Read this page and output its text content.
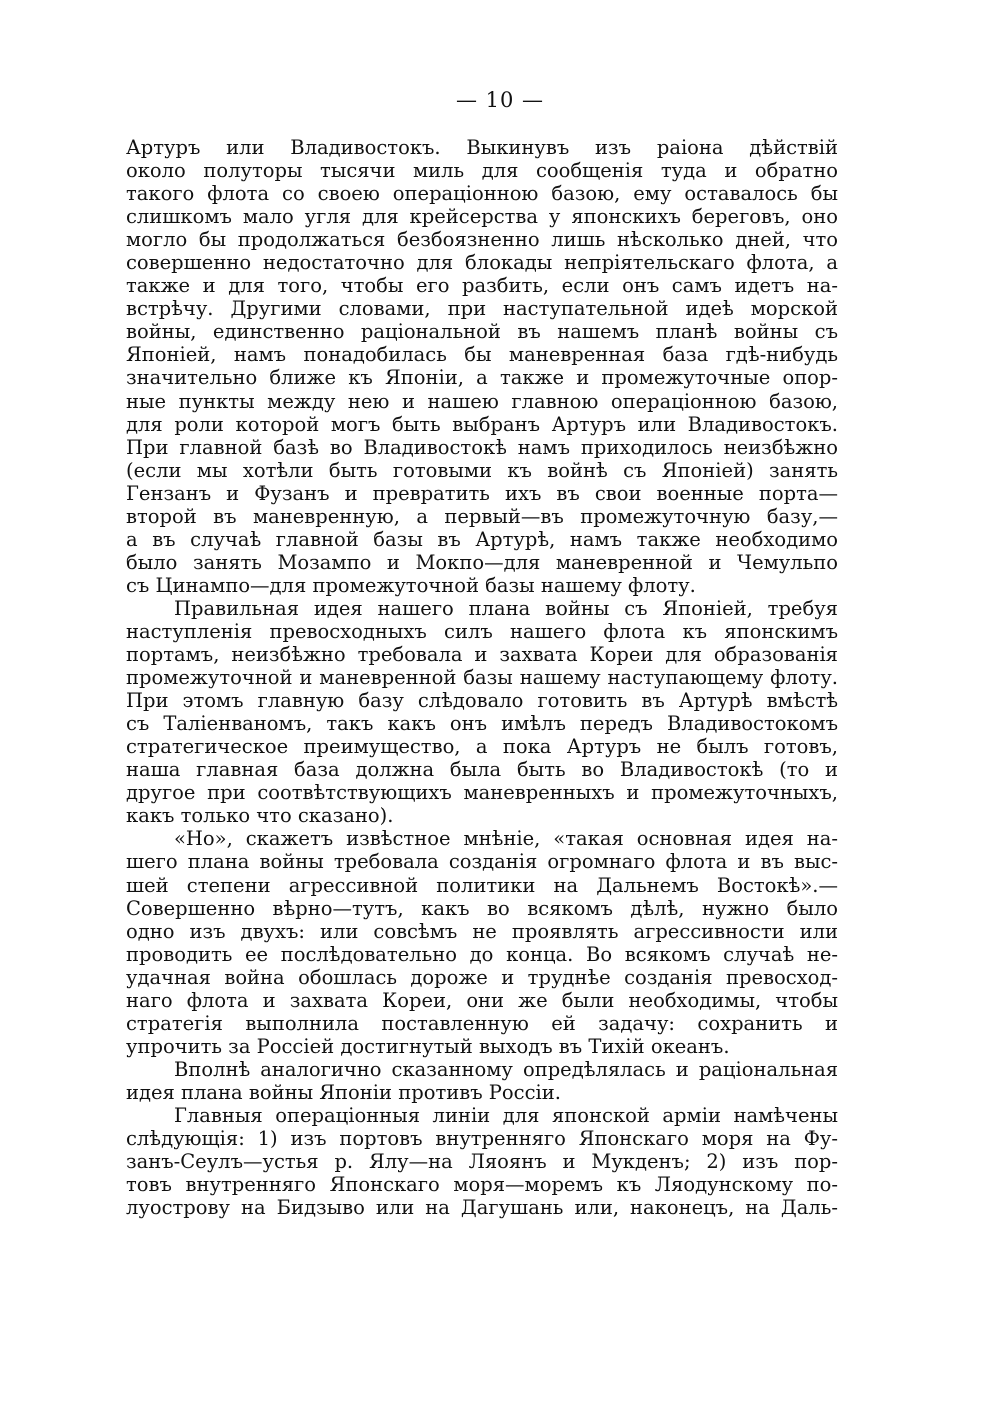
— 10 —
Артуръ или Владивостокъ. Выкинувъ изъ раiона дѣйствiй
около полуторы тысячи миль для сообщенiя туда и обратно
такого флота со своею операцiонною базою, ему оставалось бы
слишкомъ мало угля для крейсерства у японскихъ береговъ, оно
могло бы продолжаться безбоязненно лишь нѣсколько дней, что
совершенно недостаточно для блокады непрiятельскаго флота, а
также и для того, чтобы его разбить, если онъ самъ идетъ на-
встрѣчу. Другими словами, при наступательной идеѣ морской
войны, единственно рацiональной въ нашемъ планѣ войны съ
Японiей, намъ понадобилась бы маневренная база гдѣ-нибудь
значительно ближе къ Японiи, а также и промежуточные опор-
ные пункты между нею и нашею главною операцiонною базою,
для роли которой могъ быть выбранъ Артуръ или Владивостокъ.
При главной базѣ во Владивостокѣ намъ приходилось неизбѣжно
(если мы хотѣли быть готовыми къ войнѣ съ Японiей) занять
Гензанъ и Фузанъ и превратить ихъ въ свои военные порта—
второй въ маневренную, а первый—въ промежуточную базу,—
а въ случаѣ главной базы въ Артурѣ, намъ также необходимо
было занять Мозампо и Мокпо—для маневренной и Чемульпо
съ Цинампо—для промежуточной базы нашему флоту.
Правильная идея нашего плана войны съ Японiей, требуя
наступленiя превосходныхъ силъ нашего флота къ японскимъ
портамъ, неизбѣжно требовала и захвата Кореи для образованiя
промежуточной и маневренной базы нашему наступающему флоту.
При этомъ главную базу слѣдовало готовить въ Артурѣ вмѣстѣ
съ Талiенваномъ, такъ какъ онъ имѣлъ передъ Владивостокомъ
стратегическое преимущество, а пока Артуръ не былъ готовъ,
наша главная база должна была быть во Владивостокѣ (то и
другое при соотвѣтствующихъ маневренныхъ и промежуточныхъ,
какъ только что сказано).
«Но», скажетъ извѣстное мнѣнiе, «такая основная идея на-
шего плана войны требовала созданiя огромнаго флота и въ выс-
шей степени агрессивной политики на Дальнемъ Востокѣ».—
Совершенно вѣрно—тутъ, какъ во всякомъ дѣлѣ, нужно было
одно изъ двухъ: или совсѣмъ не проявлять агрессивности или
проводить ее послѣдовательно до конца. Во всякомъ случаѣ не-
удачная война обошлась дороже и труднѣе созданiя превосход-
наго флота и захвата Кореи, они же были необходимы, чтобы
стратегiя выполнила поставленную ей задачу: сохранить и
упрочить за Россiей достигнутый выходъ въ Тихiй океанъ.
Вполнѣ аналогично сказанному опредѣлялась и рацiональная
идея плана войны Японiи противъ Россiи.
Главныя операцiонныя линiи для японской армiи намѣчены
слѣдующiя: 1) изъ портовъ внутренняго Японскаго моря на Фу-
занъ-Сеулъ—устья р. Ялу—на Ляоянъ и Мукденъ; 2) изъ пор-
товъ внутренняго Японскаго моря—моремъ къ Ляодунскому по-
луострову на Бидзыво или на Дагушань или, наконецъ, на Даль-
